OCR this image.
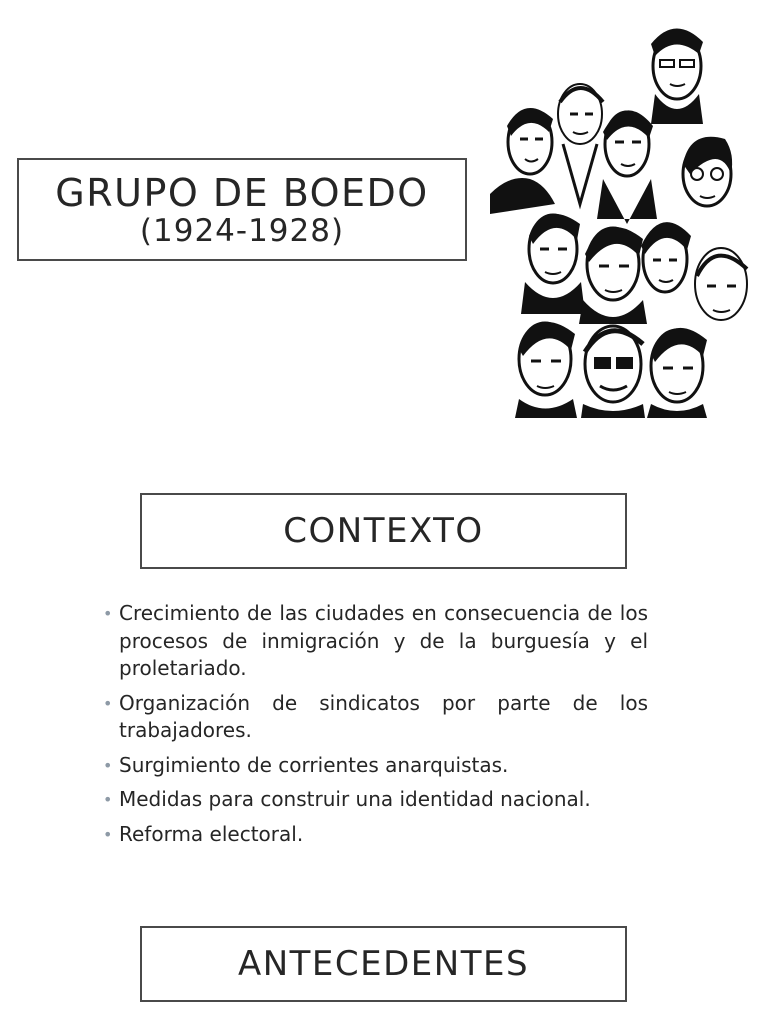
GRUPO DE BOEDO
(1924-1928)
CONTEXTO
• Crecimiento de las ciudades en consecuencia de los procesos de inmigración y de la burguesía y el proletariado.
• Organización de sindicatos por parte de los trabajadores.
• Surgimiento de corrientes anarquistas.
• Medidas para construir una identidad nacional.
• Reforma electoral.
ANTECEDENTES
